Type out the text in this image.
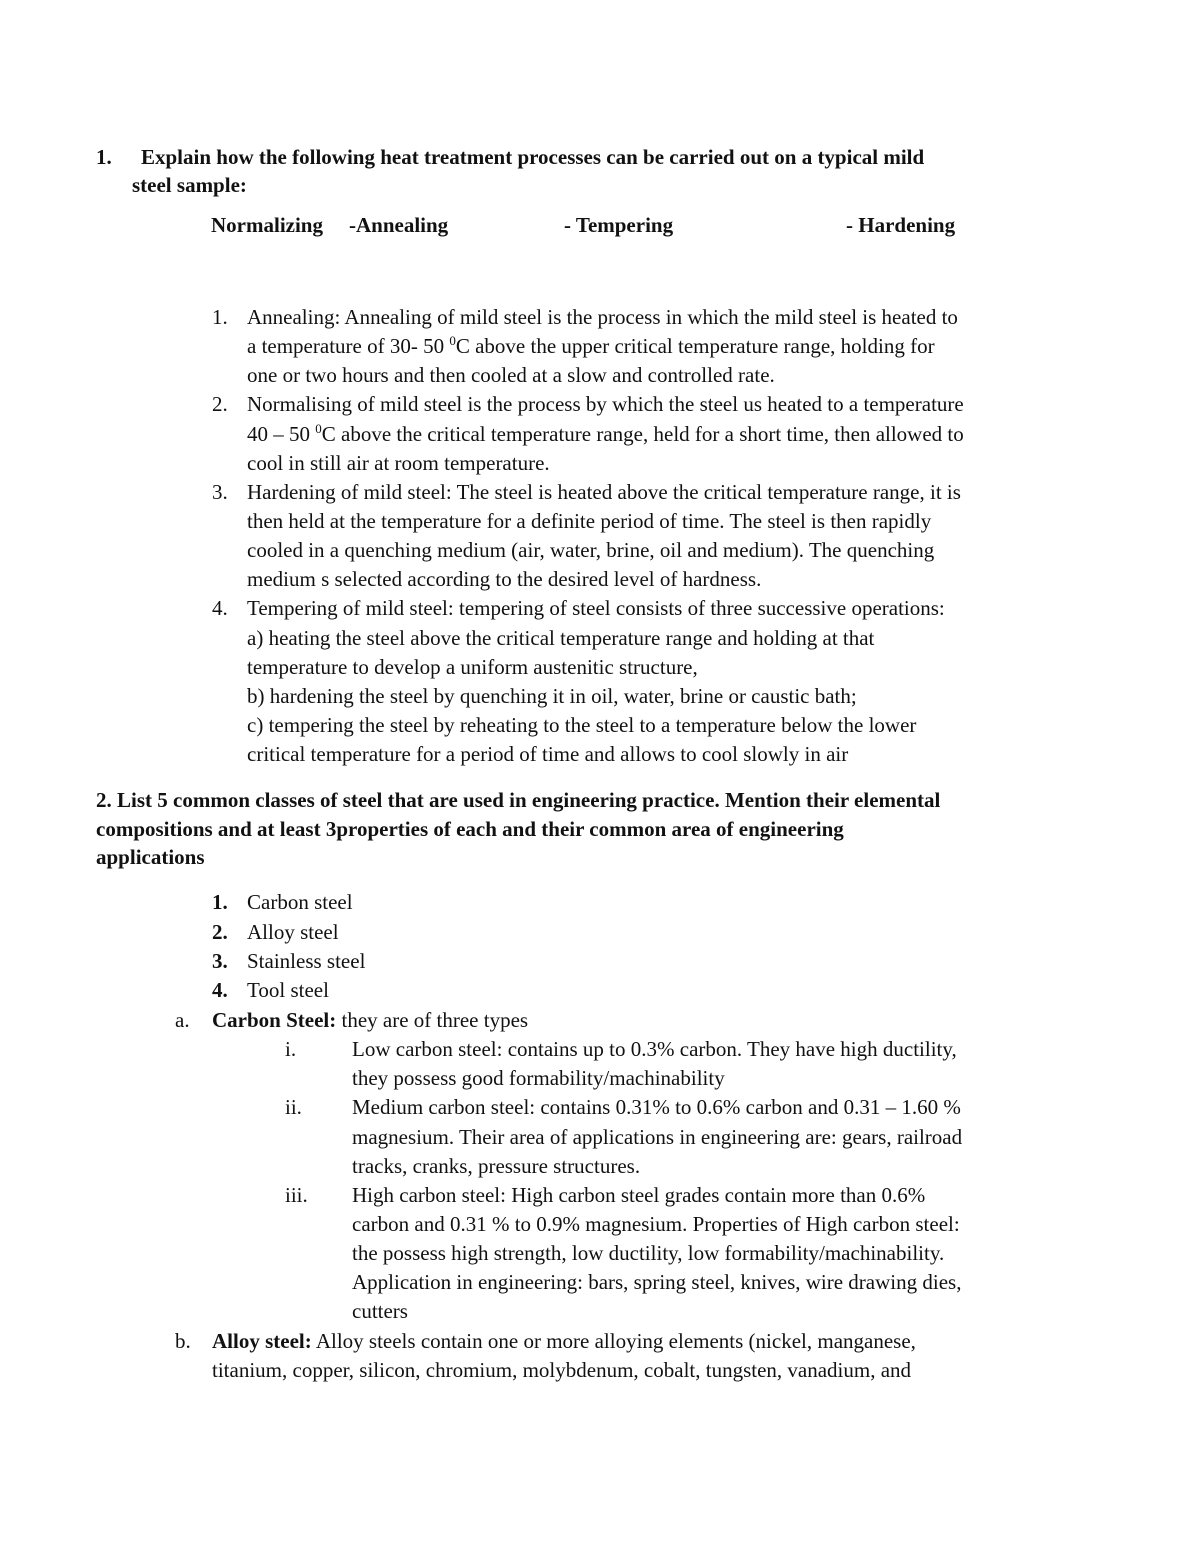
1. Explain how the following heat treatment processes can be carried out on a typical mild
steel sample:
Normalizing -Annealing	- Tempering	- Hardening
1. Annealing: Annealing of mild steel is the process in which the mild steel is heated to
a temperature of 30- 50 $^0$C above the upper critical temperature range, holding for
one or two hours and then cooled at a slow and controlled rate.
2. Normalising of mild steel is the process by which the steel us heated to a temperature
40 – 50 $^0$C above the critical temperature range, held for a short time, then allowed to
cool in still air at room temperature.
3. Hardening of mild steel: The steel is heated above the critical temperature range, it is
then held at the temperature for a definite period of time. The steel is then rapidly
cooled in a quenching medium (air, water, brine, oil and medium). The quenching
medium s selected according to the desired level of hardness.
4. Tempering of mild steel: tempering of steel consists of three successive operations:
a) heating the steel above the critical temperature range and holding at that
temperature to develop a uniform austenitic structure,
b) hardening the steel by quenching it in oil, water, brine or caustic bath;
c) tempering the steel by reheating to the steel to a temperature below the lower
critical temperature for a period of time and allows to cool slowly in air
2. List 5 common classes of steel that are used in engineering practice. Mention their elemental
compositions and at least 3properties of each and their common area of engineering
applications
1. Carbon steel
2. Alloy steel
3. Stainless steel
4. Tool steel
a. Carbon Steel: they are of three types
i.	Low carbon steel: contains up to 0.3% carbon. They have high ductility,
they possess good formability/machinability
ii. Medium carbon steel: contains 0.31% to 0.6% carbon and 0.31 – 1.60 %
magnesium. Their area of applications in engineering are: gears, railroad
tracks, cranks, pressure structures.
iii. High carbon steel: High carbon steel grades contain more than 0.6%
carbon and 0.31 % to 0.9% magnesium. Properties of High carbon steel:
the possess high strength, low ductility, low formability/machinability.
Application in engineering: bars, spring steel, knives, wire drawing dies,
cutters
b. Alloy steel: Alloy steels contain one or more alloying elements (nickel, manganese,
titanium, copper, silicon, chromium, molybdenum, cobalt, tungsten, vanadium, and
